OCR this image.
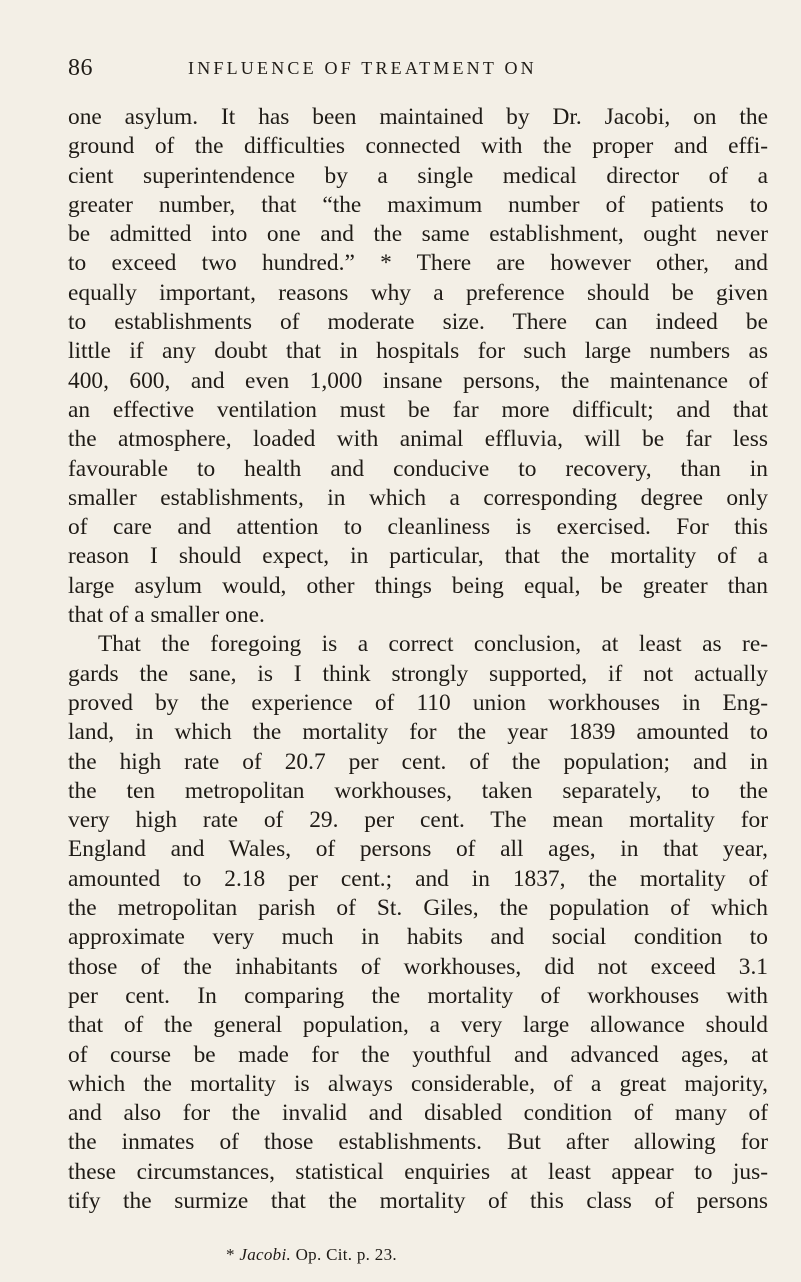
86	INFLUENCE OF TREATMENT ON
one asylum. It has been maintained by Dr. Jacobi, on the
ground of the difficulties connected with the proper and effi-
cient superintendence by a single medical director of a
greater number, that “the maximum number of patients to
be admitted into one and the same establishment, ought never
to exceed two hundred.” * There are however other, and
equally important, reasons why a preference should be given
to establishments of moderate size. There can indeed be
little if any doubt that in hospitals for such large numbers as
400, 600, and even 1,000 insane persons, the maintenance of
an effective ventilation must be far more difficult; and that
the atmosphere, loaded with animal effluvia, will be far less
favourable to health and conducive to recovery, than in
smaller establishments, in which a corresponding degree only
of care and attention to cleanliness is exercised. For this
reason I should expect, in particular, that the mortality of a
large asylum would, other things being equal, be greater than
that of a smaller one.
That the foregoing is a correct conclusion, at least as re-
gards the sane, is I think strongly supported, if not actually
proved by the experience of 110 union workhouses in Eng-
land, in which the mortality for the year 1839 amounted to
the high rate of 20.7 per cent. of the population; and in
the ten metropolitan workhouses, taken separately, to the
very high rate of 29. per cent. The mean mortality for
England and Wales, of persons of all ages, in that year,
amounted to 2.18 per cent.; and in 1837, the mortality of
the metropolitan parish of St. Giles, the population of which
approximate very much in habits and social condition to
those of the inhabitants of workhouses, did not exceed 3.1
per cent. In comparing the mortality of workhouses with
that of the general population, a very large allowance should
of course be made for the youthful and advanced ages, at
which the mortality is always considerable, of a great majority,
and also for the invalid and disabled condition of many of
the inmates of those establishments. But after allowing for
these circumstances, statistical enquiries at least appear to jus-
tify the surmize that the mortality of this class of persons
* Jacobi. Op. Cit. p. 23.
